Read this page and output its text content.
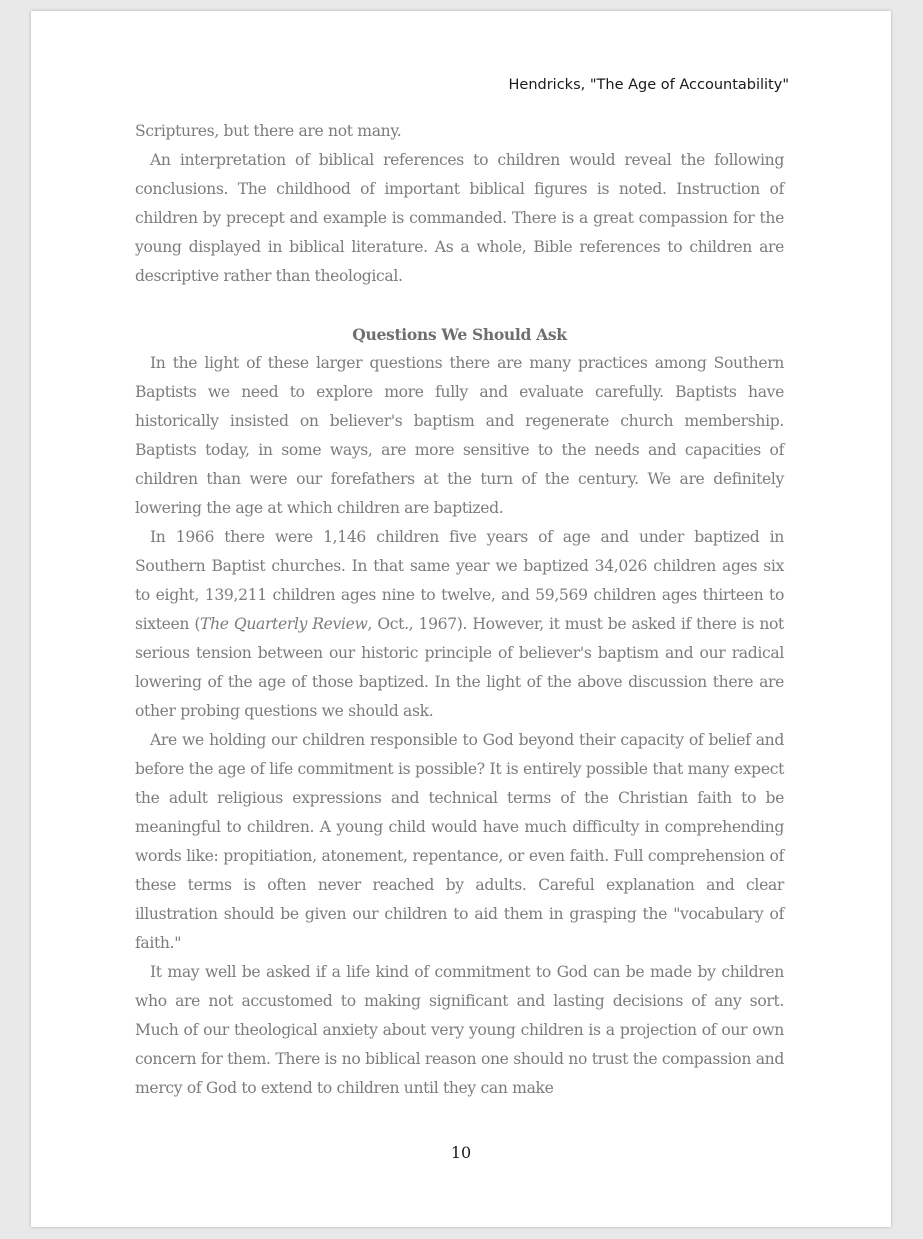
Hendricks, "The Age of Accountability"

Scriptures, but there are not many.

An interpretation of biblical references to children would reveal the following conclusions. The childhood of important biblical figures is noted. Instruction of children by precept and example is commanded. There is a great compassion for the young displayed in biblical literature. As a whole, Bible references to children are descriptive rather than theological.

Questions We Should Ask

In the light of these larger questions there are many practices among Southern Baptists we need to explore more fully and evaluate carefully. Baptists have historically insisted on believer's baptism and regenerate church membership. Baptists today, in some ways, are more sensitive to the needs and capacities of children than were our forefathers at the turn of the century. We are definitely lowering the age at which children are baptized.

In 1966 there were 1,146 children five years of age and under baptized in Southern Baptist churches. In that same year we baptized 34,026 children ages six to eight, 139,211 children ages nine to twelve, and 59,569 children ages thirteen to sixteen (The Quarterly Review, Oct., 1967). However, it must be asked if there is not serious tension between our historic principle of believer's baptism and our radical lowering of the age of those baptized. In the light of the above discussion there are other probing questions we should ask.

Are we holding our children responsible to God beyond their capacity of belief and before the age of life commitment is possible? It is entirely possible that many expect the adult religious expressions and technical terms of the Christian faith to be meaningful to children. A young child would have much difficulty in comprehending words like: propitiation, atonement, repentance, or even faith. Full comprehension of these terms is often never reached by adults. Careful explanation and clear illustration should be given our children to aid them in grasping the "vocabulary of faith."

It may well be asked if a life kind of commitment to God can be made by children who are not accustomed to making significant and lasting decisions of any sort. Much of our theological anxiety about very young children is a projection of our own concern for them. There is no biblical reason one should no trust the compassion and mercy of God to extend to children until they can make

10
